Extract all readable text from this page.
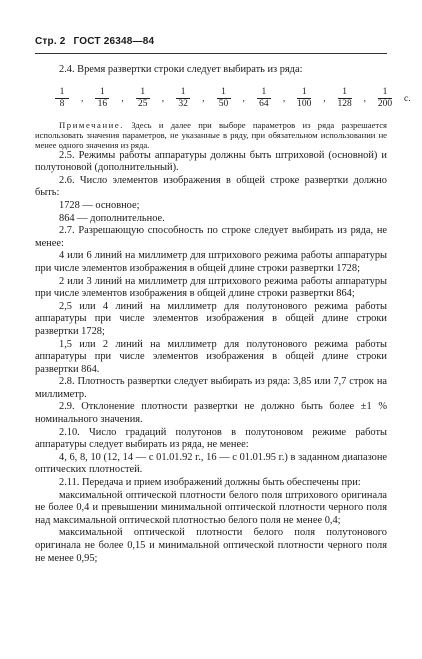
Стр. 2 ГОСТ 26348—84

2.4. Время развертки строки следует выбирать из ряда:

$\frac{1}{8}$ , $\frac{1}{16}$ , $\frac{1}{25}$ , $\frac{1}{32}$ , $\frac{1}{50}$ , $\frac{1}{64}$ , $\frac{1}{100}$ , $\frac{1}{128}$ , $\frac{1}{200} с$.

Примечание. Здесь и далее при выборе параметров из ряда разрешается использовать значения параметров, не указанные в ряду, при обязательном использовании не менее одного значения из ряда.

2.5. Режимы работы аппаратуры должны быть штриховой (основной) и полутоновой (дополнительный).

2.6. Число элементов изображения в общей строке развертки должно быть:

1728 — основное;

864 — дополнительное.

2.7. Разрешающую способность по строке следует выбирать из ряда, не менее:

4 или 6 линий на миллиметр для штрихового режима работы аппаратуры при числе элементов изображения в общей длине строки развертки 1728;

2 или 3 линий на миллиметр для штрихового режима работы аппаратуры при числе элементов изображения в общей длине строки развертки 864;

2,5 или 4 линий на миллиметр для полутонового режима работы аппаратуры при числе элементов изображения в общей длине строки развертки 1728;

1,5 или 2 линий на миллиметр для полутонового режима работы аппаратуры при числе элементов изображения в общей длине строки развертки 864.

2.8. Плотность развертки следует выбирать из ряда: 3,85 или 7,7 строк на миллиметр.

2.9. Отклонение плотности развертки не должно быть более ±1 % номинального значения.

2.10. Число градаций полутонов в полутоновом режиме работы аппаратуры следует выбирать из ряда, не менее:

4, 6, 8, 10 (12, 14 — с 01.01.92 г., 16 — с 01.01.95 г.) в заданном диапазоне оптических плотностей.

2.11. Передача и прием изображений должны быть обеспечены при:

максимальной оптической плотности белого поля штрихового оригинала не более 0,4 и превышении минимальной оптической плотности черного поля над максимальной оптической плотностью белого поля не менее 0,4;

максимальной оптической плотности белого поля полутонового оригинала не более 0,15 и минимальной оптической плотности черного поля не менее 0,95;
